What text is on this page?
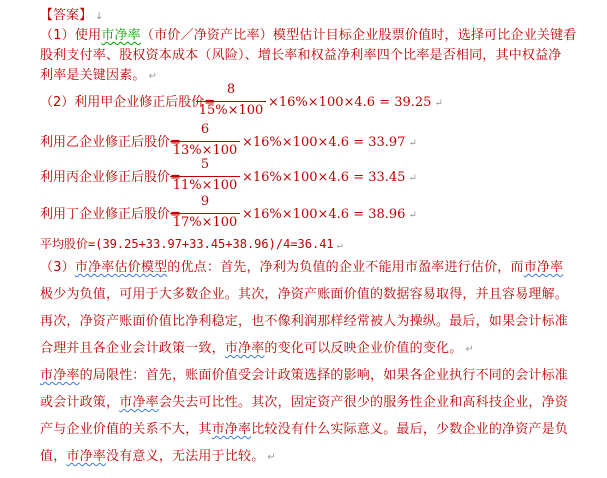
【答案】 ↓
（1）使用市净率（市价／净资产比率）模型估计目标企业股票价值时，选择可比企业关键看
股利支付率、股权资本成本（风险）、增长率和权益净利率四个比率是否相同，其中权益净
利率是关键因素。 ↵
（2）利用甲企业修正后股价=
8
15%×100
×16%×100×4.6 = 39.25 ↵
利用乙企业修正后股价=
6
13%×100
×16%×100×4.6 = 33.97 ↵
利用丙企业修正后股价=
5
11%×100
×16%×100×4.6 = 33.45 ↵
利用丁企业修正后股价=
9
17%×100
×16%×100×4.6 = 38.96 ↵
平均股价=(39.25+33.97+33.45+38.96)/4=36.41 ↵
（3）市净率估价模型的优点：首先，净利为负值的企业不能用市盈率进行估价，而市净率
极少为负值，可用于大多数企业。其次，净资产账面价值的数据容易取得，并且容易理解。
再次，净资产账面价值比净利稳定，也不像利润那样经常被人为操纵。最后，如果会计标准
合理并且各企业会计政策一致，市净率的变化可以反映企业价值的变化。 ↵
市净率的局限性：首先，账面价值受会计政策选择的影响，如果各企业执行不同的会计标准
或会计政策，市净率会失去可比性。其次，固定资产很少的服务性企业和高科技企业，净资
产与企业价值的关系不大，其市净率比较没有什么实际意义。最后，少数企业的净资产是负
值，市净率没有意义，无法用于比较。 ↵
